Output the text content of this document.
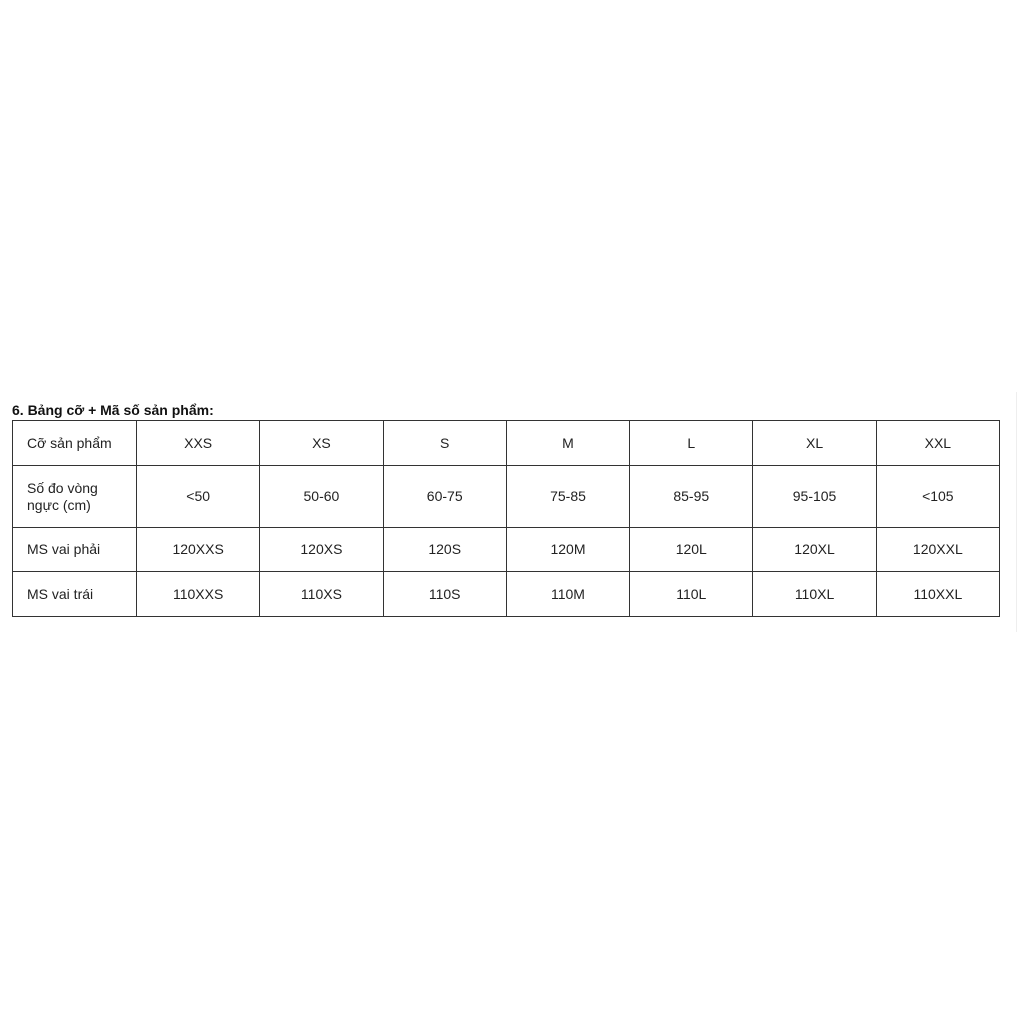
6. Bảng cỡ + Mã số sản phẩm:
Cỡ sản phẩm	XXS	XS	S	M	L	XL	XXL
Số đo vòng ngực (cm)	<50	50-60	60-75	75-85	85-95	95-105	<105
MS vai phải	120XXS	120XS	120S	120M	120L	120XL	120XXL
MS vai trái	110XXS	110XS	110S	110M	110L	110XL	110XXL
